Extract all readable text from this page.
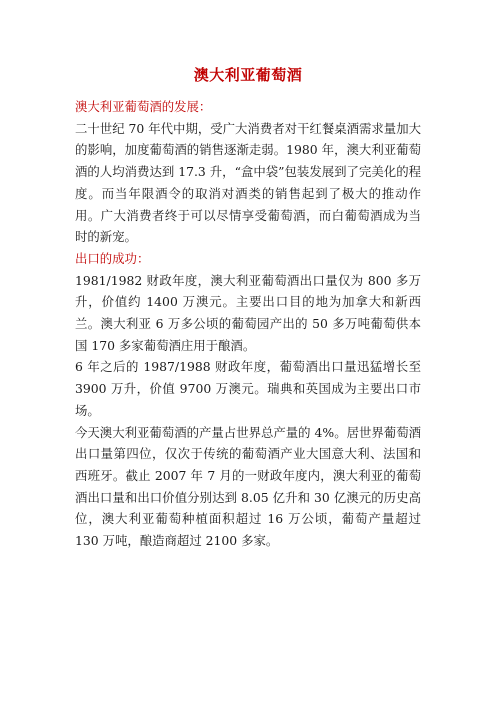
澳大利亚葡萄酒

澳大利亚葡萄酒的发展：

二十世纪 70 年代中期，受广大消费者对干红餐桌酒需求量加大的影响，加度葡萄酒的销售逐渐走弱。1980 年，澳大利亚葡萄酒的人均消费达到 17.3 升，“盒中袋”包装发展到了完美化的程度。而当年限酒令的取消对酒类的销售起到了极大的推动作用。广大消费者终于可以尽情享受葡萄酒，而白葡萄酒成为当时的新宠。

出口的成功：

1981/1982 财政年度，澳大利亚葡萄酒出口量仅为 800 多万升，价值约 1400 万澳元。主要出口目的地为加拿大和新西兰。澳大利亚 6 万多公顷的葡萄园产出的 50 多万吨葡萄供本国 170 多家葡萄酒庄用于酿酒。

6 年之后的 1987/1988 财政年度，葡萄酒出口量迅猛增长至 3900 万升，价值 9700 万澳元。瑞典和英国成为主要出口市场。

今天澳大利亚葡萄酒的产量占世界总产量的 4%。居世界葡萄酒出口量第四位，仅次于传统的葡萄酒产业大国意大利、法国和西班牙。截止 2007 年 7 月的一财政年度内，澳大利亚的葡萄酒出口量和出口价值分别达到 8.05 亿升和 30 亿澳元的历史高位，澳大利亚葡萄种植面积超过 16 万公顷，葡萄产量超过 130 万吨，酿造商超过 2100 多家。
